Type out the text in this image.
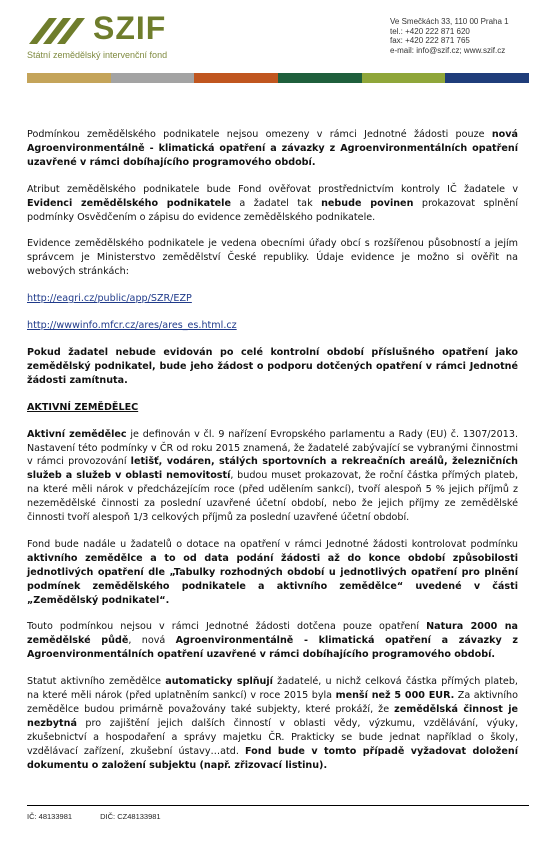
SZIF
Státní zemědělský intervenční fond
Ve Smečkách 33, 110 00 Praha 1
tel.: +420 222 871 620
fax: +420 222 871 765
e-mail: info@szif.cz; www.szif.cz

Podmínkou zemědělského podnikatele nejsou omezeny v rámci Jednotné žádosti pouze nová Agroenvironmentálně - klimatická opatření a závazky z Agroenvironmentálních opatření uzavřené v rámci dobíhajícího programového období.

Atribut zemědělského podnikatele bude Fond ověřovat prostřednictvím kontroly IČ žadatele v Evidenci zemědělského podnikatele a žadatel tak nebude povinen prokazovat splnění podmínky Osvědčením o zápisu do evidence zemědělského podnikatele.

Evidence zemědělského podnikatele je vedena obecními úřady obcí s rozšířenou působností a jejím správcem je Ministerstvo zemědělství České republiky. Údaje evidence je možno si ověřit na webových stránkách:

http://eagri.cz/public/app/SZR/EZP

http://wwwinfo.mfcr.cz/ares/ares_es.html.cz

Pokud žadatel nebude evidován po celé kontrolní období příslušného opatření jako zemědělský podnikatel, bude jeho žádost o podporu dotčených opatření v rámci Jednotné žádosti zamítnuta.

AKTIVNÍ ZEMĚDĚLEC

Aktivní zemědělec je definován v čl. 9 nařízení Evropského parlamentu a Rady (EU) č. 1307/2013. Nastavení této podmínky v ČR od roku 2015 znamená, že žadatelé zabývající se vybranými činnostmi v rámci provozování letišť, vodáren, stálých sportovních a rekreačních areálů, železničních služeb a služeb v oblasti nemovitostí, budou muset prokazovat, že roční částka přímých plateb, na které měli nárok v předcházejícím roce (před udělením sankcí), tvoří alespoň 5 % jejich příjmů z nezemědělské činnosti za poslední uzavřené účetní období, nebo že jejich příjmy ze zemědělské činnosti tvoří alespoň 1/3 celkových příjmů za poslední uzavřené účetní období.

Fond bude nadále u žadatelů o dotace na opatření v rámci Jednotné žádosti kontrolovat podmínku aktivního zemědělce a to od data podání žádosti až do konce období způsobilosti jednotlivých opatření dle „Tabulky rozhodných období u jednotlivých opatření pro plnění podmínek zemědělského podnikatele a aktivního zemědělce“ uvedené v části „Zemědělský podnikatel“.

Touto podmínkou nejsou v rámci Jednotné žádosti dotčena pouze opatření Natura 2000 na zemědělské půdě, nová Agroenvironmentálně - klimatická opatření a závazky z Agroenvironmentálních opatření uzavřené v rámci dobíhajícího programového období.

Statut aktivního zemědělce automaticky splňují žadatelé, u nichž celková částka přímých plateb, na které měli nárok (před uplatněním sankcí) v roce 2015 byla menší než 5 000 EUR. Za aktivního zemědělce budou primárně považovány také subjekty, které prokáží, že zemědělská činnost je nezbytná pro zajištění jejich dalších činností v oblasti vědy, výzkumu, vzdělávání, výuky, zkušebnictví a hospodaření a správy majetku ČR. Prakticky se bude jednat například o školy, vzdělávací zařízení, zkušební ústavy…atd. Fond bude v tomto případě vyžadovat doložení dokumentu o založení subjektu (např. zřizovací listinu).

IČ: 48133981	DIČ: CZ48133981
